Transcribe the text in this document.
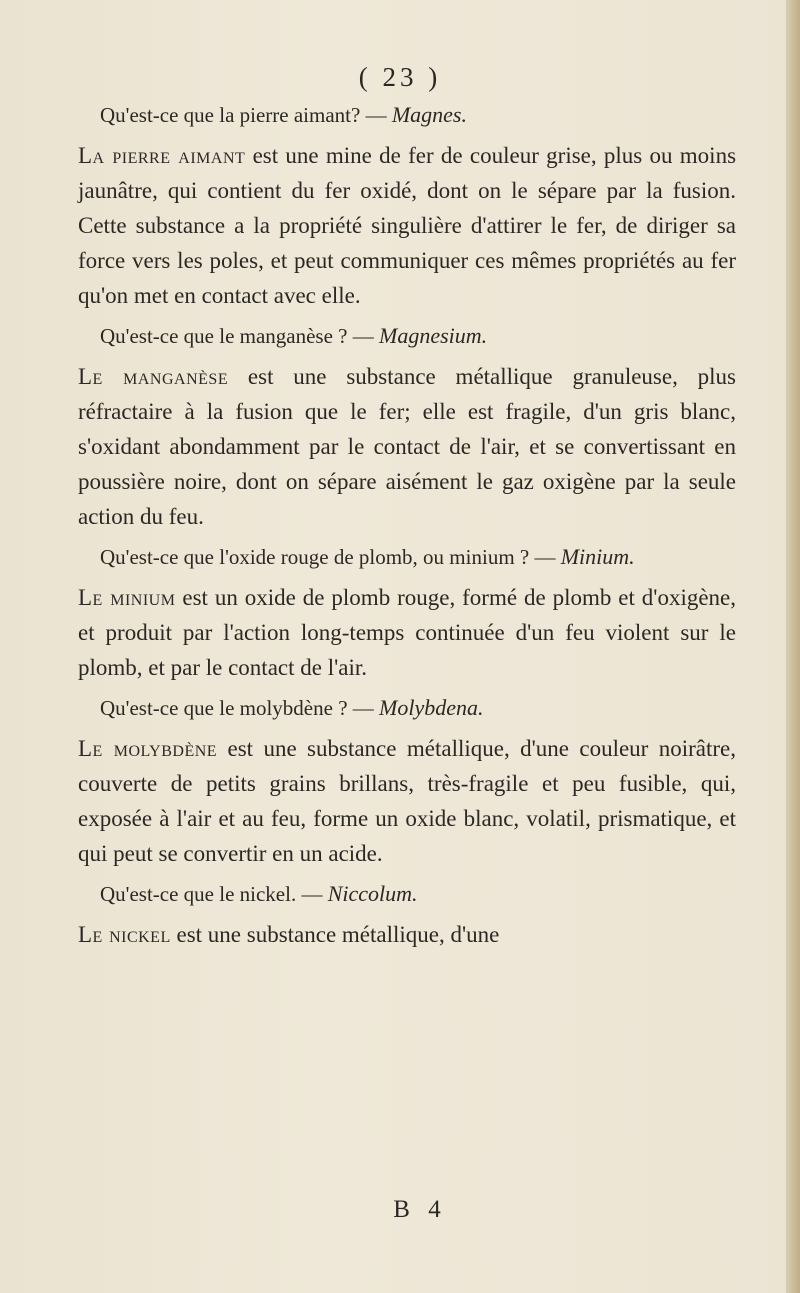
( 23 )

Qu'est-ce que la pierre aimant? — Magnes.

La pierre aimant est une mine de fer de couleur grise, plus ou moins jaunâtre, qui contient du fer oxidé, dont on le sépare par la fusion. Cette substance a la propriété singulière d'attirer le fer, de diriger sa force vers les poles, et peut communiquer ces mêmes propriétés au fer qu'on met en contact avec elle.

Qu'est-ce que le manganèse ? — Magnesium.

Le manganèse est une substance métallique granuleuse, plus réfractaire à la fusion que le fer; elle est fragile, d'un gris blanc, s'oxidant abondamment par le contact de l'air, et se convertissant en poussière noire, dont on sépare aisément le gaz oxigène par la seule action du feu.

Qu'est-ce que l'oxide rouge de plomb, ou minium ? — Minium.

Le minium est un oxide de plomb rouge, formé de plomb et d'oxigène, et produit par l'action long-temps continuée d'un feu violent sur le plomb, et par le contact de l'air.

Qu'est-ce que le molybdène ? — Molybdena.

Le molybdène est une substance métallique, d'une couleur noirâtre, couverte de petits grains brillans, très-fragile et peu fusible, qui, exposée à l'air et au feu, forme un oxide blanc, volatil, prismatique, et qui peut se convertir en un acide.

Qu'est-ce que le nickel. — Niccolum.

Le nickel est une substance métallique, d'une

B 4
